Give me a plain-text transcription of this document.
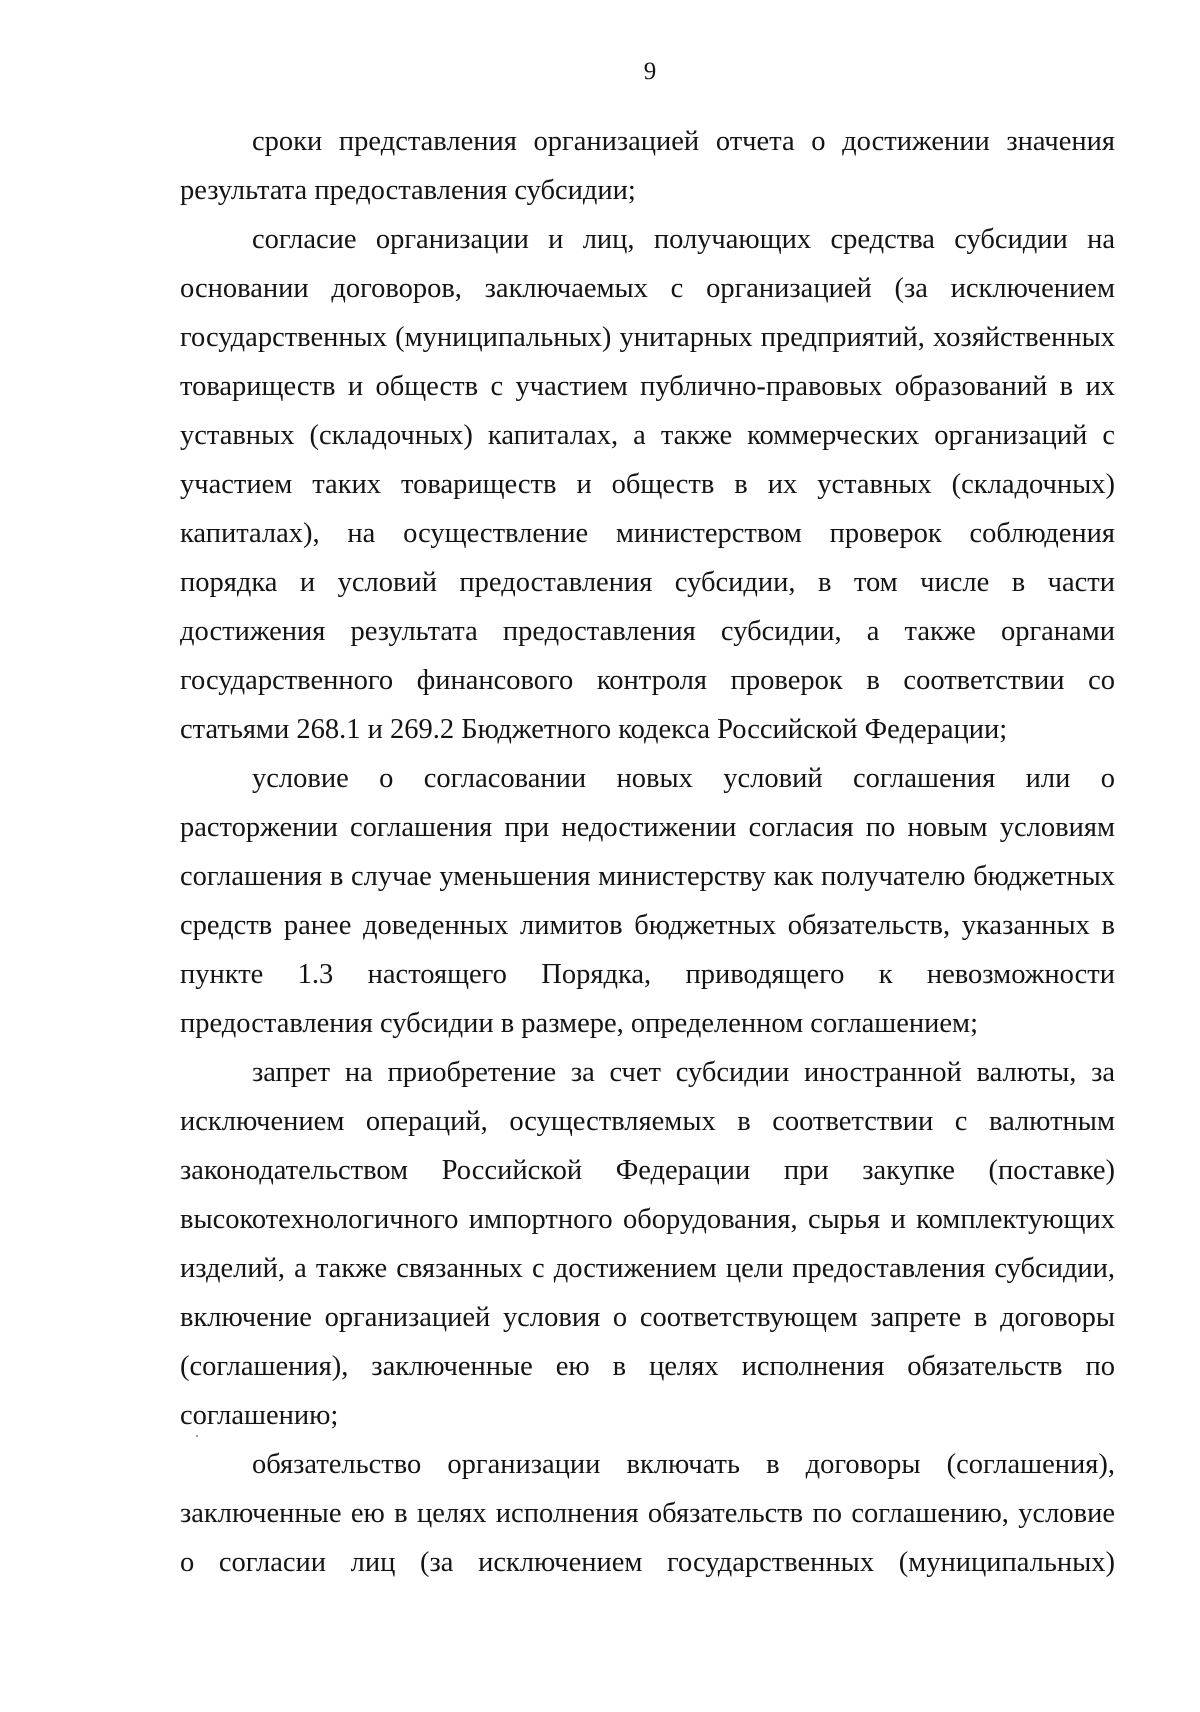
9

сроки представления организацией отчета о достижении значения результата предоставления субсидии;

согласие организации и лиц, получающих средства субсидии на основании договоров, заключаемых с организацией (за исключением государственных (муниципальных) унитарных предприятий, хозяйственных товариществ и обществ с участием публично-правовых образований в их уставных (складочных) капиталах, а также коммерческих организаций с участием таких товариществ и обществ в их уставных (складочных) капиталах), на осуществление министерством проверок соблюдения порядка и условий предоставления субсидии, в том числе в части достижения результата предоставления субсидии, а также органами государственного финансового контроля проверок в соответствии со статьями 268.1 и 269.2 Бюджетного кодекса Российской Федерации;

условие о согласовании новых условий соглашения или о расторжении соглашения при недостижении согласия по новым условиям соглашения в случае уменьшения министерству как получателю бюджетных средств ранее доведенных лимитов бюджетных обязательств, указанных в пункте 1.3 настоящего Порядка, приводящего к невозможности предоставления субсидии в размере, определенном соглашением;

запрет на приобретение за счет субсидии иностранной валюты, за исключением операций, осуществляемых в соответствии с валютным законодательством Российской Федерации при закупке (поставке) высокотехнологичного импортного оборудования, сырья и комплектующих изделий, а также связанных с достижением цели предоставления субсидии, включение организацией условия о соответствующем запрете в договоры (соглашения), заключенные ею в целях исполнения обязательств по соглашению;

обязательство организации включать в договоры (соглашения), заключенные ею в целях исполнения обязательств по соглашению, условие о согласии лиц (за исключением государственных (муниципальных)
